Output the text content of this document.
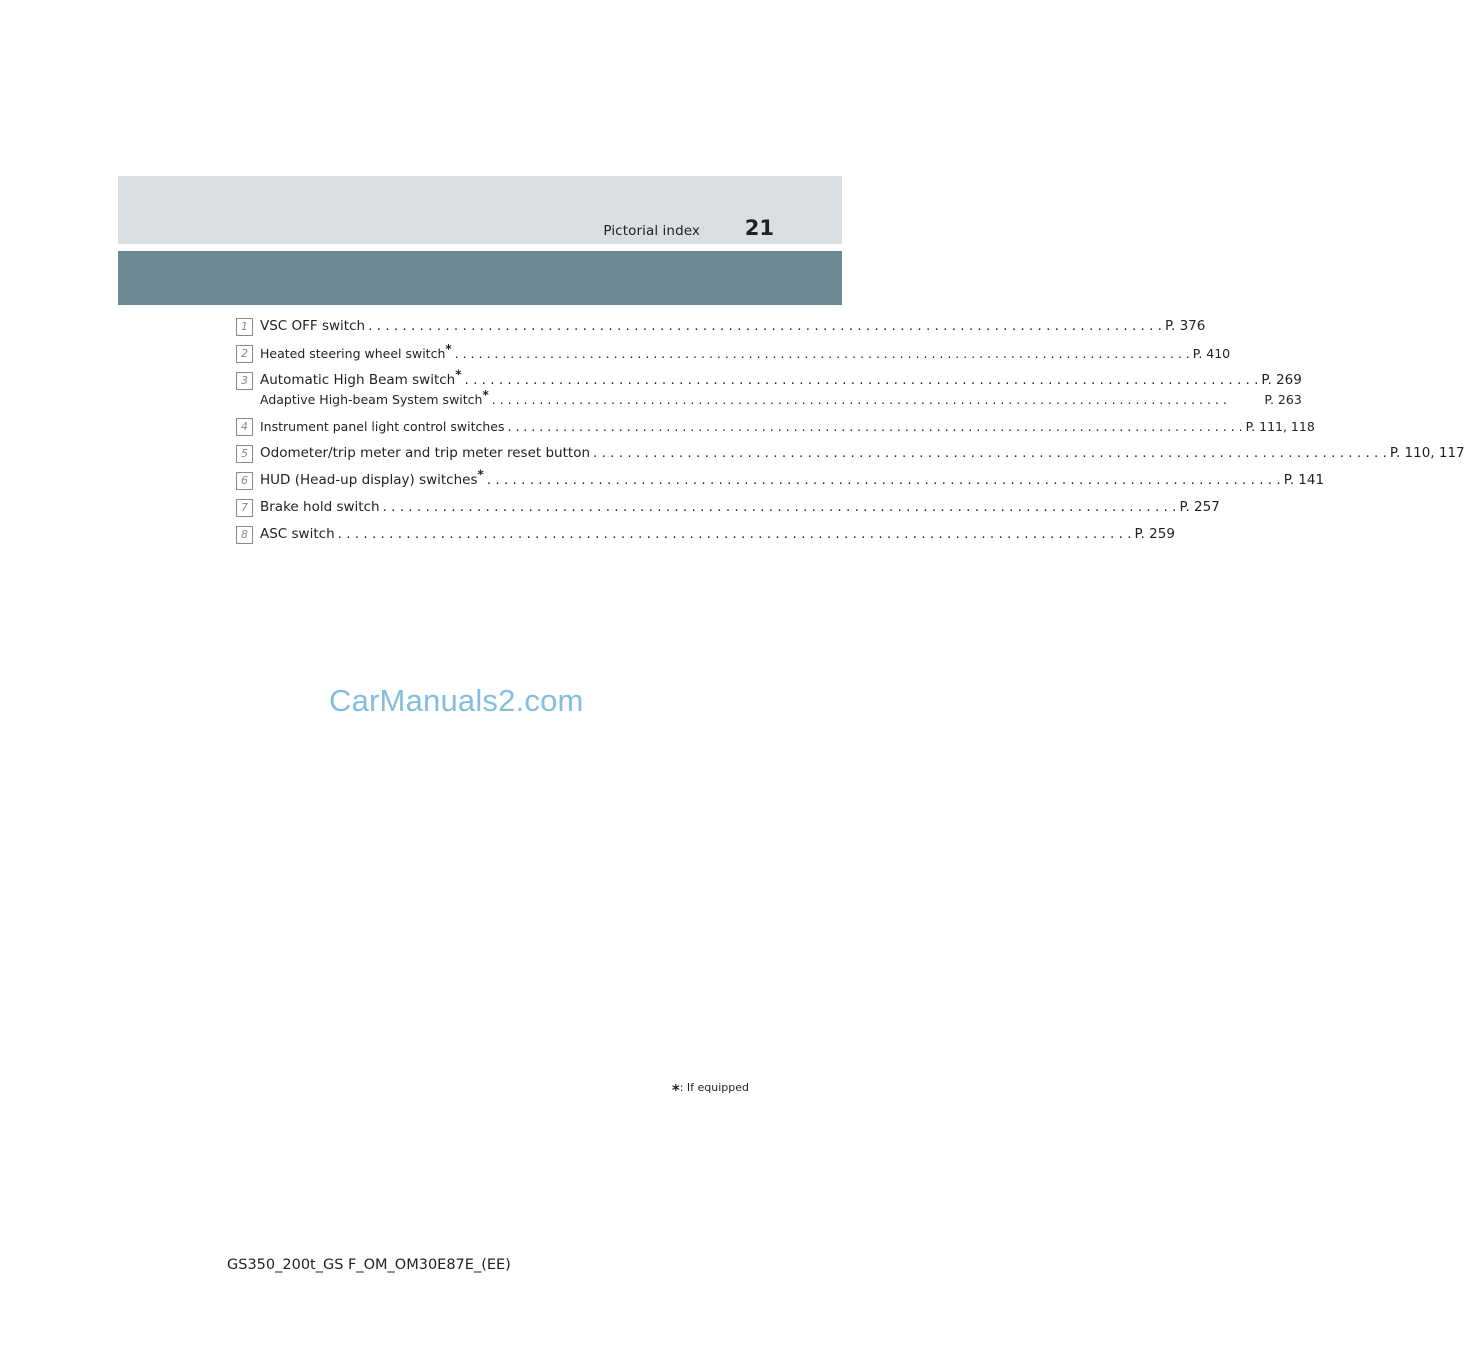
Pictorial index 21
1 VSC OFF switch . . .	P. 376
2 Heated steering wheel switch* . . .	P. 410
3 Automatic High Beam switch* . . .	P. 269
Adaptive High-beam System switch* . . .	P. 263
4 Instrument panel light control switches . . .	P. 111, 118
5 Odometer/trip meter and trip meter reset button . . .	P. 110, 117
6 HUD (Head-up display) switches* . . .	P. 141
7 Brake hold switch . . .	P. 257
8 ASC switch . . .	P. 259
CarManuals2.com
*: If equipped
GS350_200t_GS F_OM_OM30E87E_(EE)
